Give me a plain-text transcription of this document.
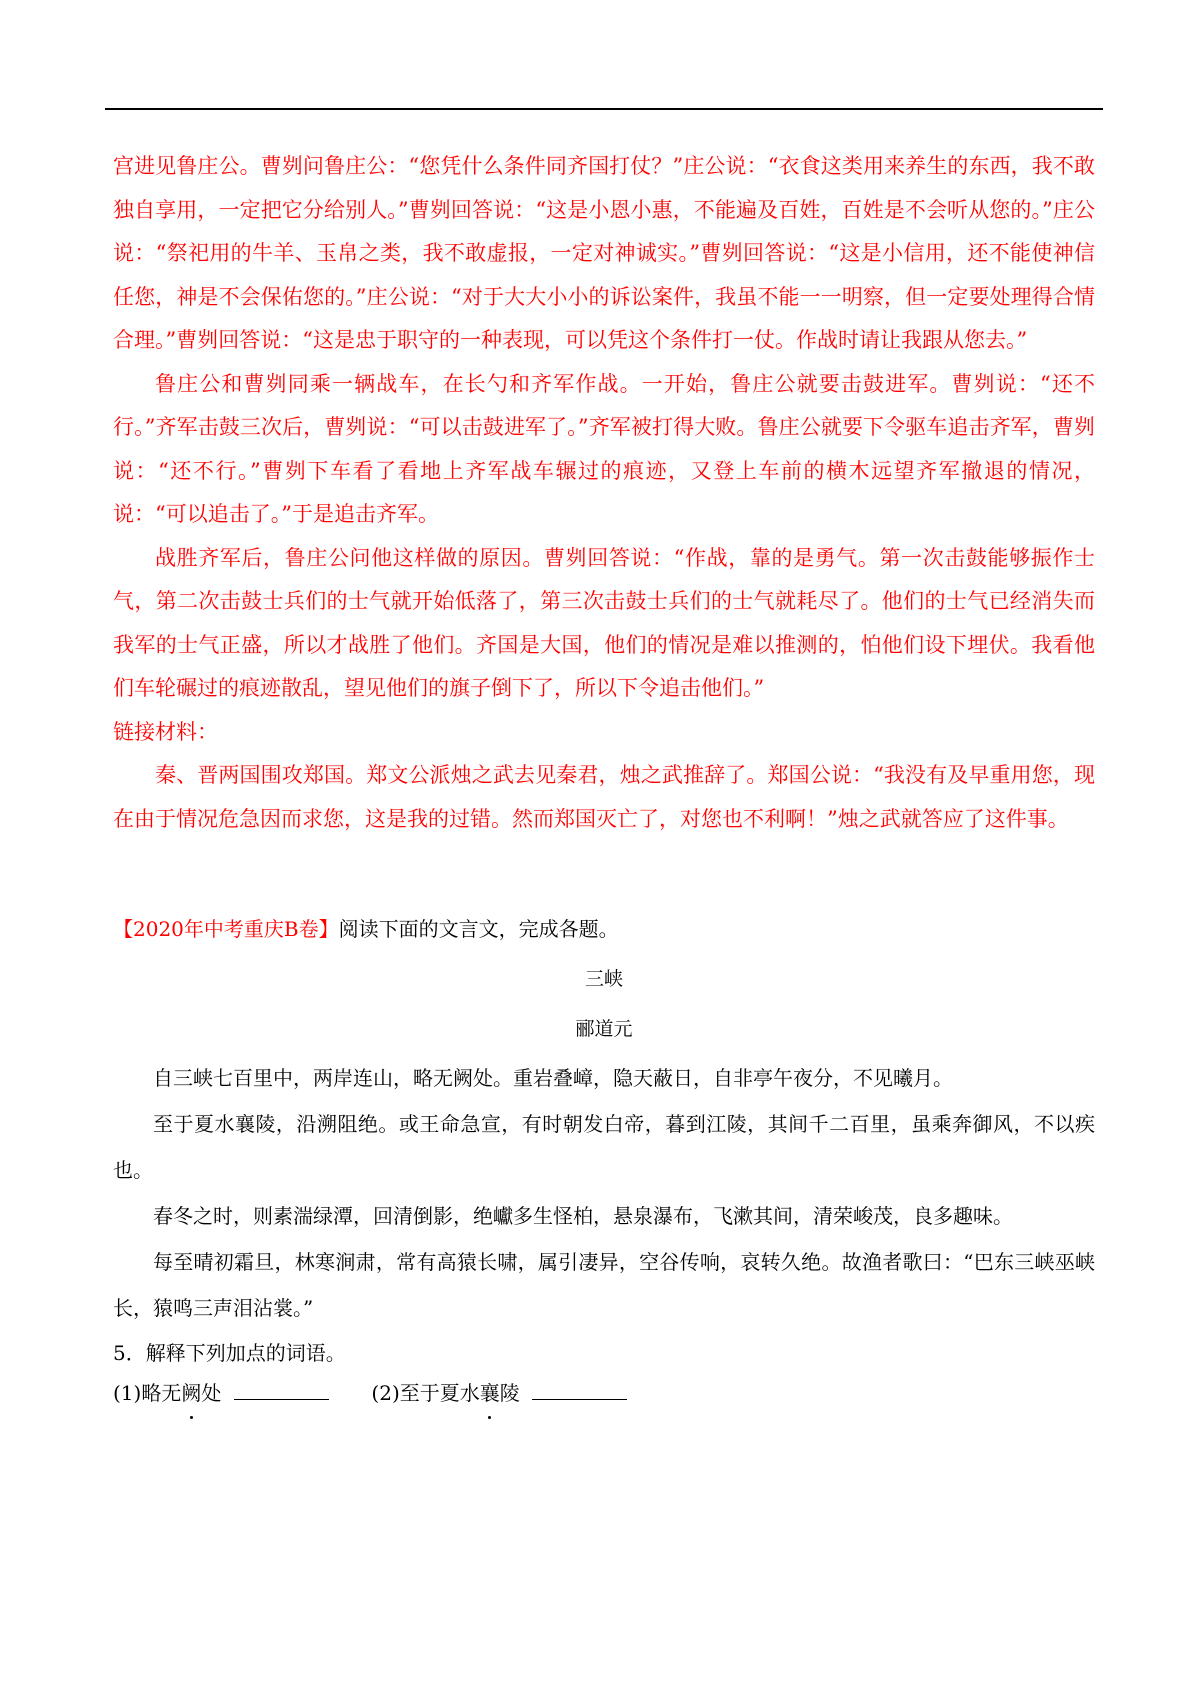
宫进见鲁庄公。曹刿问鲁庄公：“您凭什么条件同齐国打仗？”庄公说：“衣食这类用来养生的东西，我不敢独自享用，一定把它分给别人。”曹刿回答说：“这是小恩小惠，不能遍及百姓，百姓是不会听从您的。”庄公说：“祭祀用的牛羊、玉帛之类，我不敢虚报，一定对神诚实。”曹刿回答说：“这是小信用，还不能使神信任您，神是不会保佑您的。”庄公说：“对于大大小小的诉讼案件，我虽不能一一明察，但一定要处理得合情合理。”曹刿回答说：“这是忠于职守的一种表现，可以凭这个条件打一仗。作战时请让我跟从您去。”

鲁庄公和曹刿同乘一辆战车，在长勺和齐军作战。一开始，鲁庄公就要击鼓进军。曹刿说：“还不行。”齐军击鼓三次后，曹刿说：“可以击鼓进军了。”齐军被打得大败。鲁庄公就要下令驱车追击齐军，曹刿说：“还不行。”曹刿下车看了看地上齐军战车辗过的痕迹，又登上车前的横木远望齐军撤退的情况，说：“可以追击了。”于是追击齐军。

战胜齐军后，鲁庄公问他这样做的原因。曹刿回答说：“作战，靠的是勇气。第一次击鼓能够振作士气，第二次击鼓士兵们的士气就开始低落了，第三次击鼓士兵们的士气就耗尽了。他们的士气已经消失而我军的士气正盛，所以才战胜了他们。齐国是大国，他们的情况是难以推测的，怕他们设下埋伏。我看他们车轮碾过的痕迹散乱，望见他们的旗子倒下了，所以下令追击他们。”

链接材料：

秦、晋两国围攻郑国。郑文公派烛之武去见秦君，烛之武推辞了。郑国公说：“我没有及早重用您，现在由于情况危急因而求您，这是我的过错。然而郑国灭亡了，对您也不利啊！”烛之武就答应了这件事。

【2020年中考重庆B卷】阅读下面的文言文，完成各题。
三峡
郦道元

自三峡七百里中，两岸连山，略无阙处。重岩叠嶂，隐天蔽日，自非亭午夜分，不见曦月。

至于夏水襄陵，沿溯阻绝。或王命急宣，有时朝发白帝，暮到江陵，其间千二百里，虽乘奔御风，不以疾也。

春冬之时，则素湍绿潭，回清倒影，绝巘多生怪柏，悬泉瀑布，飞漱其间，清荣峻茂，良多趣味。

每至晴初霜旦，林寒涧肃，常有高猿长啸，属引凄异，空谷传响，哀转久绝。故渔者歌曰：“巴东三峡巫峡长，猿鸣三声泪沾裳。”

5．解释下列加点的词语。
(1)略无阙处	(2)至于夏水襄陵
